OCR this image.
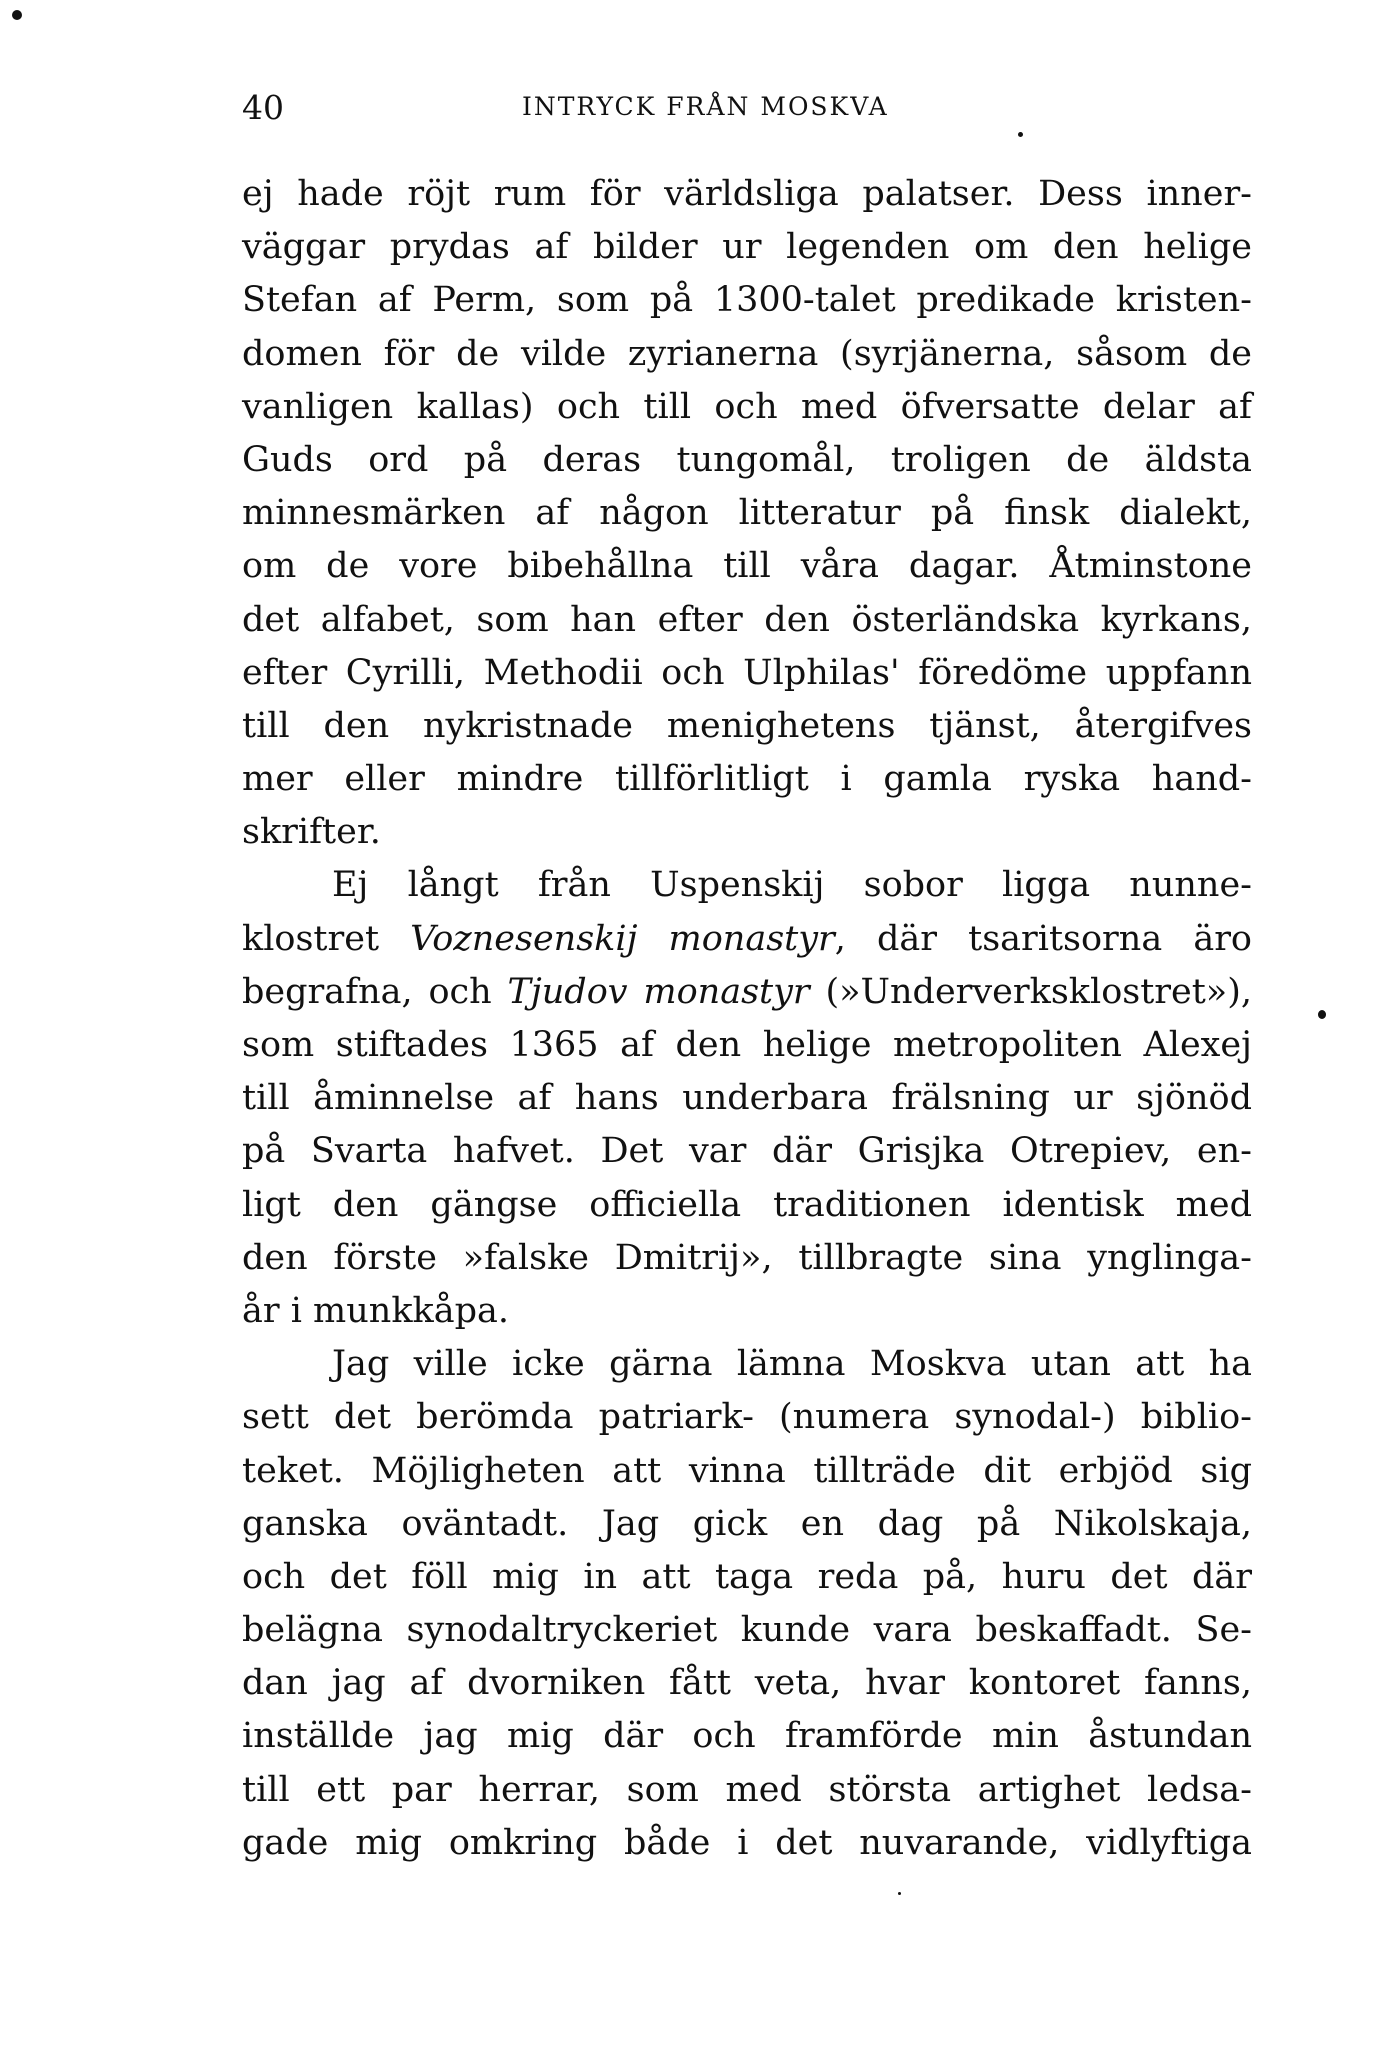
40	INTRYCK FRÅN MOSKVA
ej hade röjt rum för världsliga palatser. Dess inner-
väggar prydas af bilder ur legenden om den helige
Stefan af Perm, som på 1300-talet predikade kristen-
domen för de vilde zyrianerna (syrjänerna, såsom de
vanligen kallas) och till och med öfversatte delar af
Guds ord på deras tungomål, troligen de äldsta
minnesmärken af någon litteratur på finsk dialekt,
om de vore bibehållna till våra dagar. Åtminstone
det alfabet, som han efter den österländska kyrkans,
efter Cyrilli, Methodii och Ulphilas' föredöme uppfann
till den nykristnade menighetens tjänst, återgifves
mer eller mindre tillförlitligt i gamla ryska hand-
skrifter.
Ej långt från Uspenskij sobor ligga nunne-
klostret Voznesenskij monastyr, där tsaritsorna äro
begrafna, och Tjudov monastyr (»Underverksklostret»),
som stiftades 1365 af den helige metropoliten Alexej
till åminnelse af hans underbara frälsning ur sjönöd
på Svarta hafvet. Det var där Grisjka Otrepiev, en-
ligt den gängse officiella traditionen identisk med
den förste »falske Dmitrij», tillbragte sina ynglinga-
år i munkkåpa.
Jag ville icke gärna lämna Moskva utan att ha
sett det berömda patriark- (numera synodal-) biblio-
teket. Möjligheten att vinna tillträde dit erbjöd sig
ganska oväntadt. Jag gick en dag på Nikolskaja,
och det föll mig in att taga reda på, huru det där
belägna synodaltryckeriet kunde vara beskaffadt. Se-
dan jag af dvorniken fått veta, hvar kontoret fanns,
inställde jag mig där och framförde min åstundan
till ett par herrar, som med största artighet ledsa-
gade mig omkring både i det nuvarande, vidlyftiga
